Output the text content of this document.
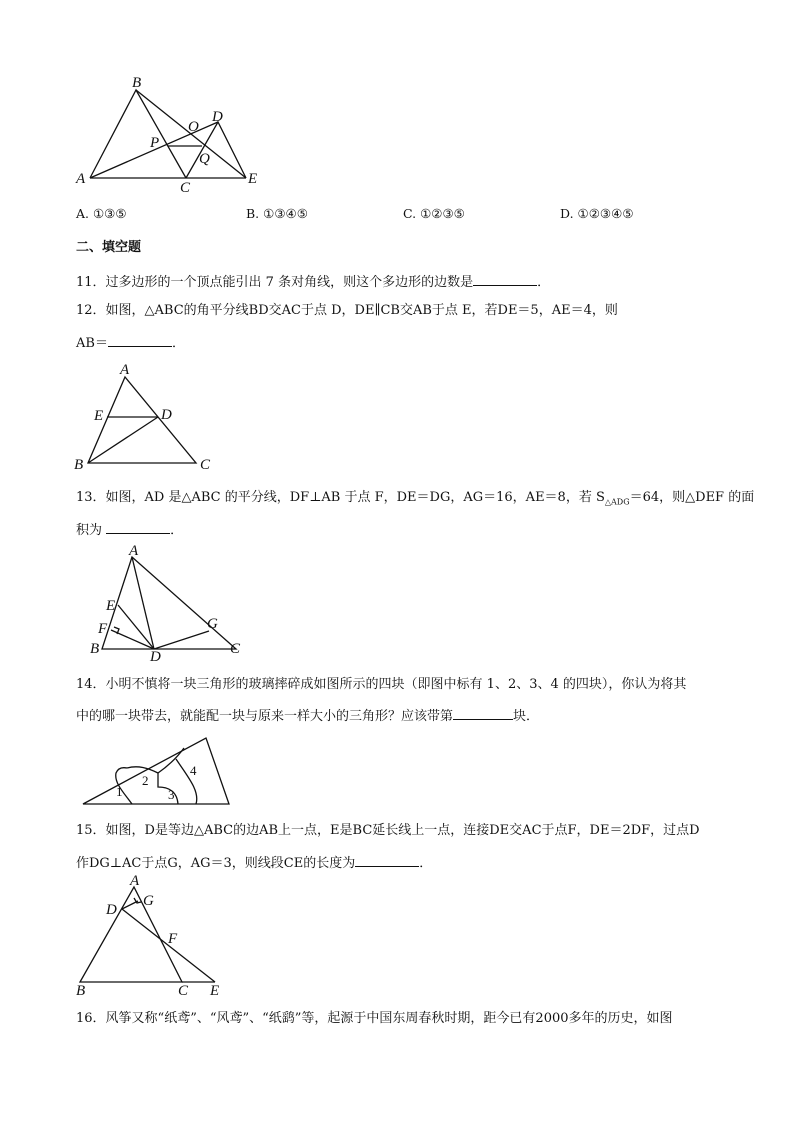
B
D
O
P
Q
A
C
E
A. ①③⑤	B. ①③④⑤	C. ①②③⑤	D. ①②③④⑤
二、填空题
11．过多边形的一个顶点能引出 7 条对角线，则这个多边形的边数是	．
12．如图，△ABC的角平分线BD交AC于点 D，DE∥CB交AB于点 E，若DE＝5，AE＝4，则
AB＝	．
A
E	D
B	C
13．如图，AD 是△ABC 的平分线，DF⊥AB 于点 F，DE＝DG，AG＝16，AE＝8，若 $S_{\triangle ADG}=64$，则△DEF 的面
积为	．
A
E
F	G
B	D	C
14．小明不慎将一块三角形的玻璃摔碎成如图所示的四块（即图中标有 1、2、3、4 的四块），你认为将其
中的哪一块带去，就能配一块与原来一样大小的三角形？应该带第	块．
1
2
3
4
15．如图，D是等边△ABC的边AB上一点，E是BC延长线上一点，连接DE交AC于点F，DE＝2DF，过点D
作DG⊥AC于点G，AG＝3，则线段CE的长度为	．
A
G
D
F
B	C E
16．风筝又称“纸鸢”、“风鸢”、“纸鹞”等，起源于中国东周春秋时期，距今已有2000多年的历史，如图
